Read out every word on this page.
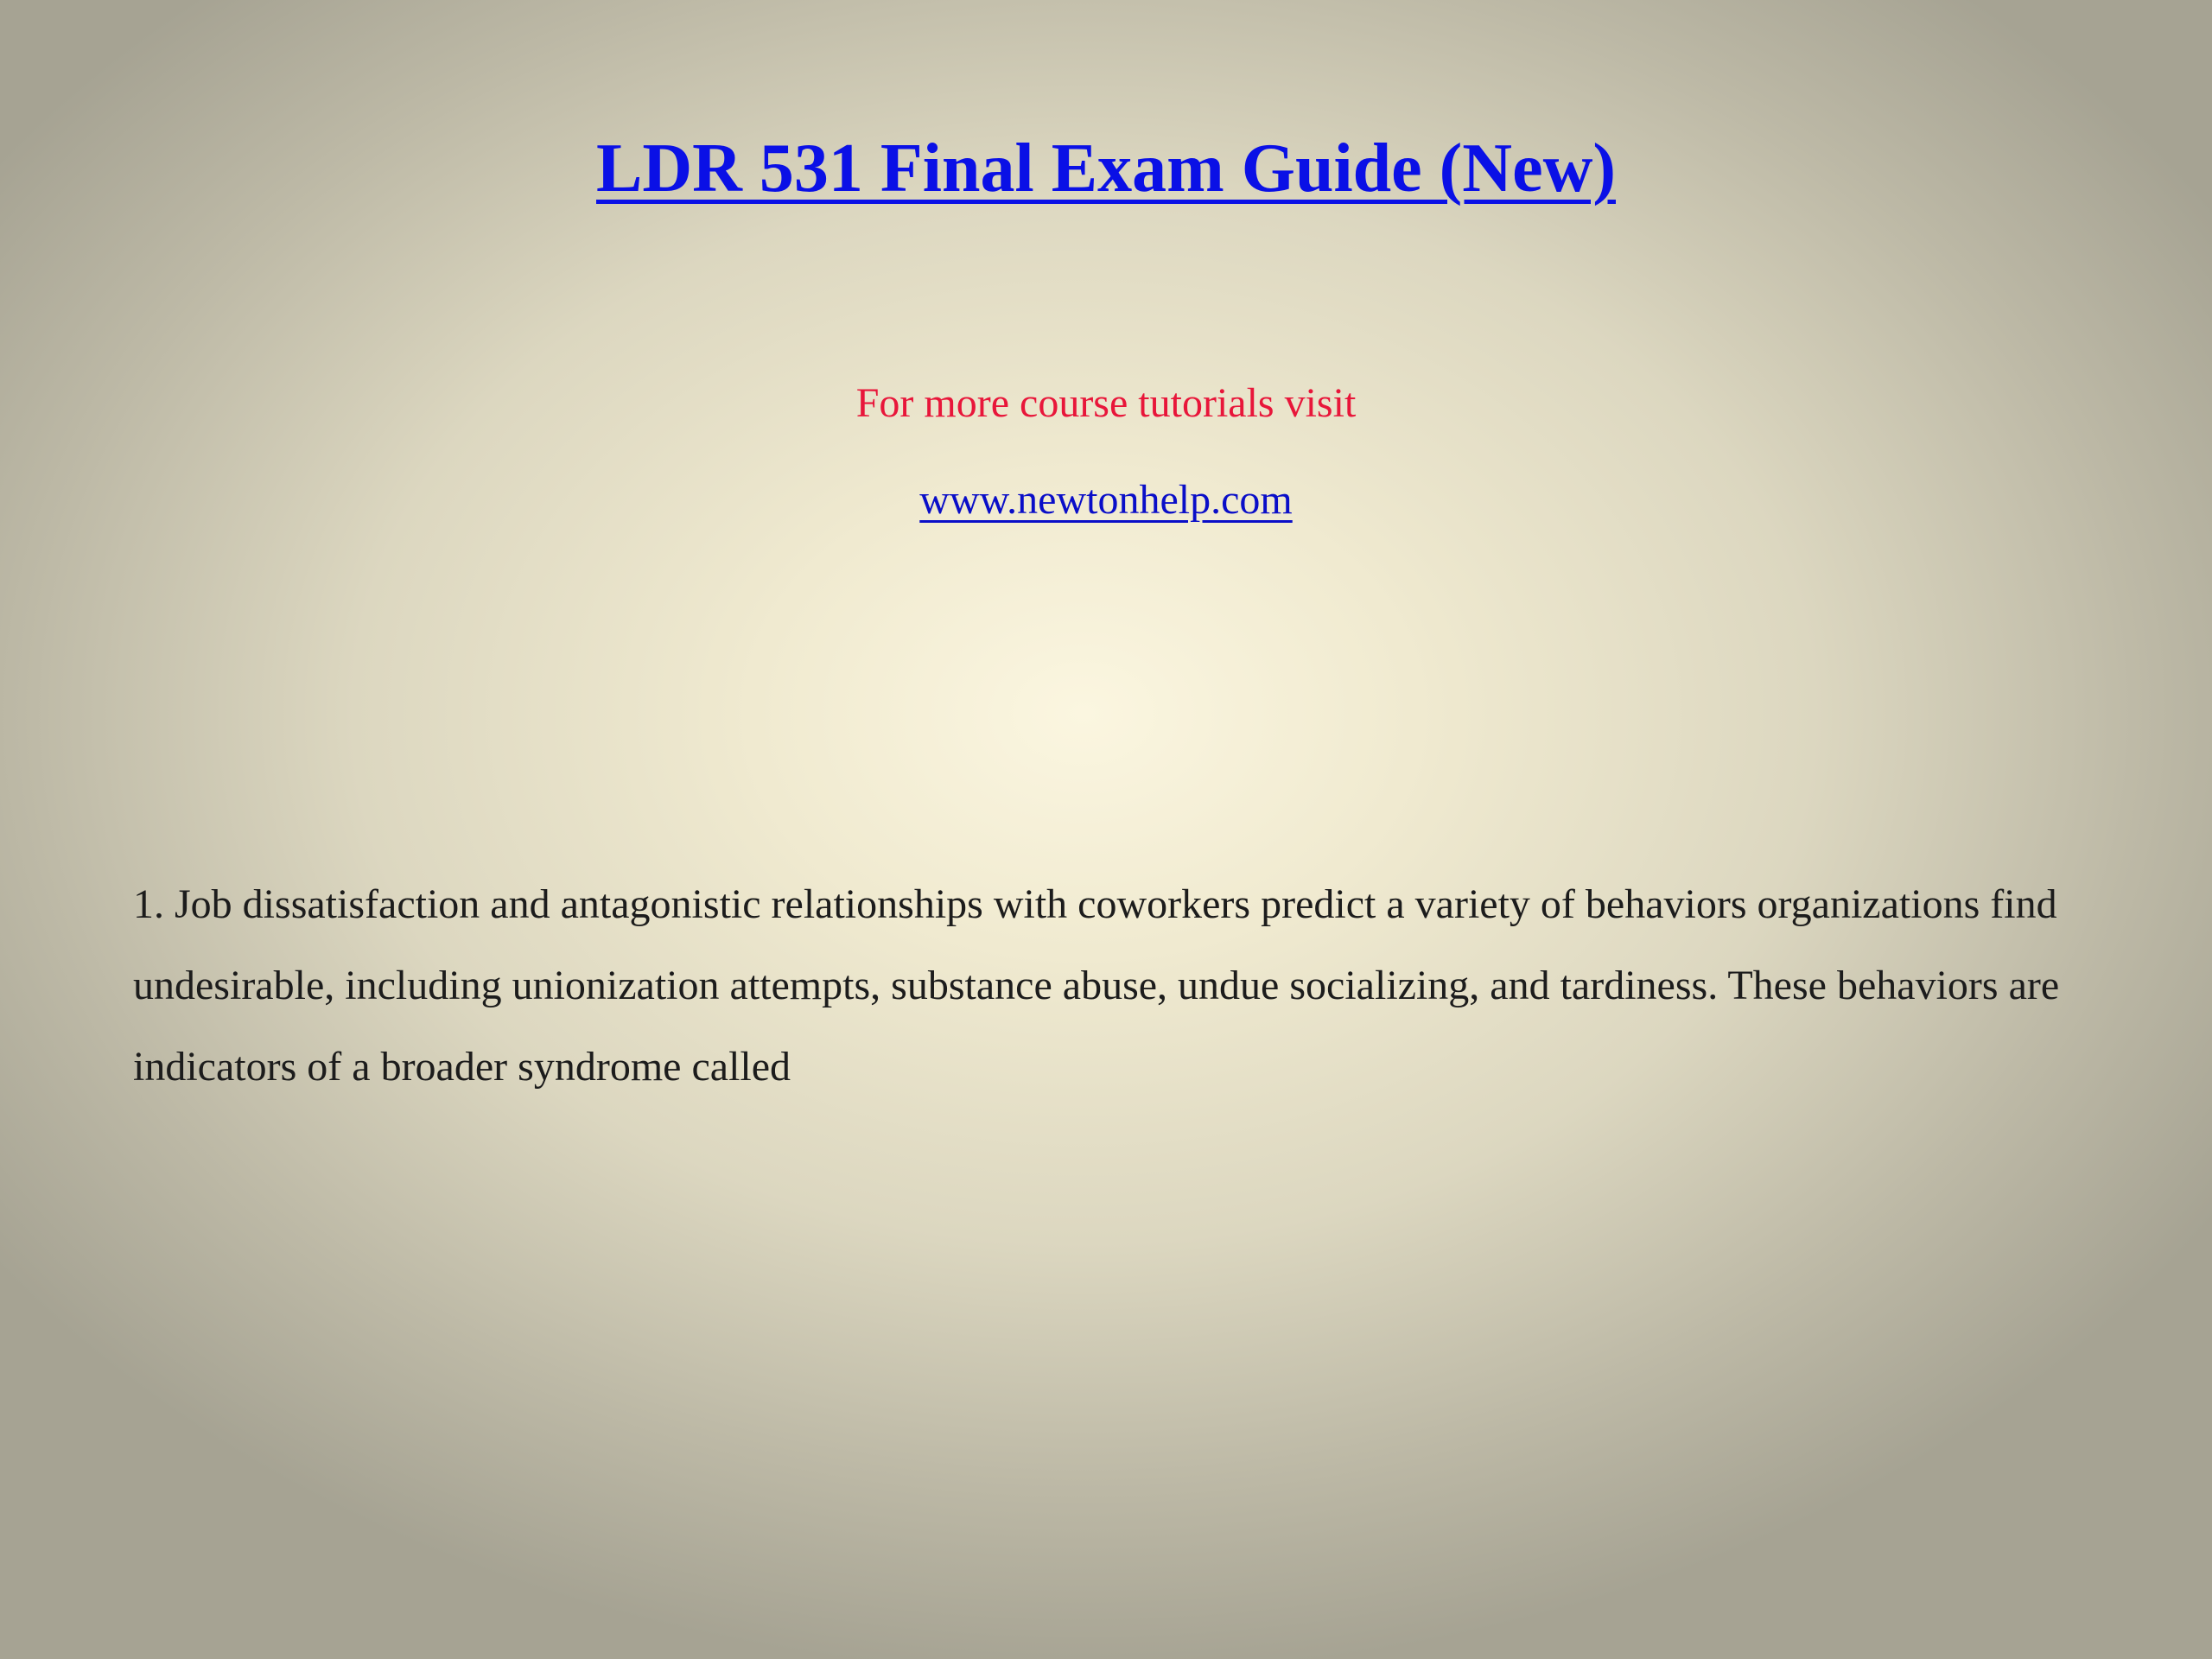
LDR 531 Final Exam Guide (New)

For more course tutorials visit

www.newtonhelp.com

1. Job dissatisfaction and antagonistic relationships with coworkers predict a variety of behaviors organizations find undesirable, including unionization attempts, substance abuse, undue socializing, and tardiness. These behaviors are indicators of a broader syndrome called
